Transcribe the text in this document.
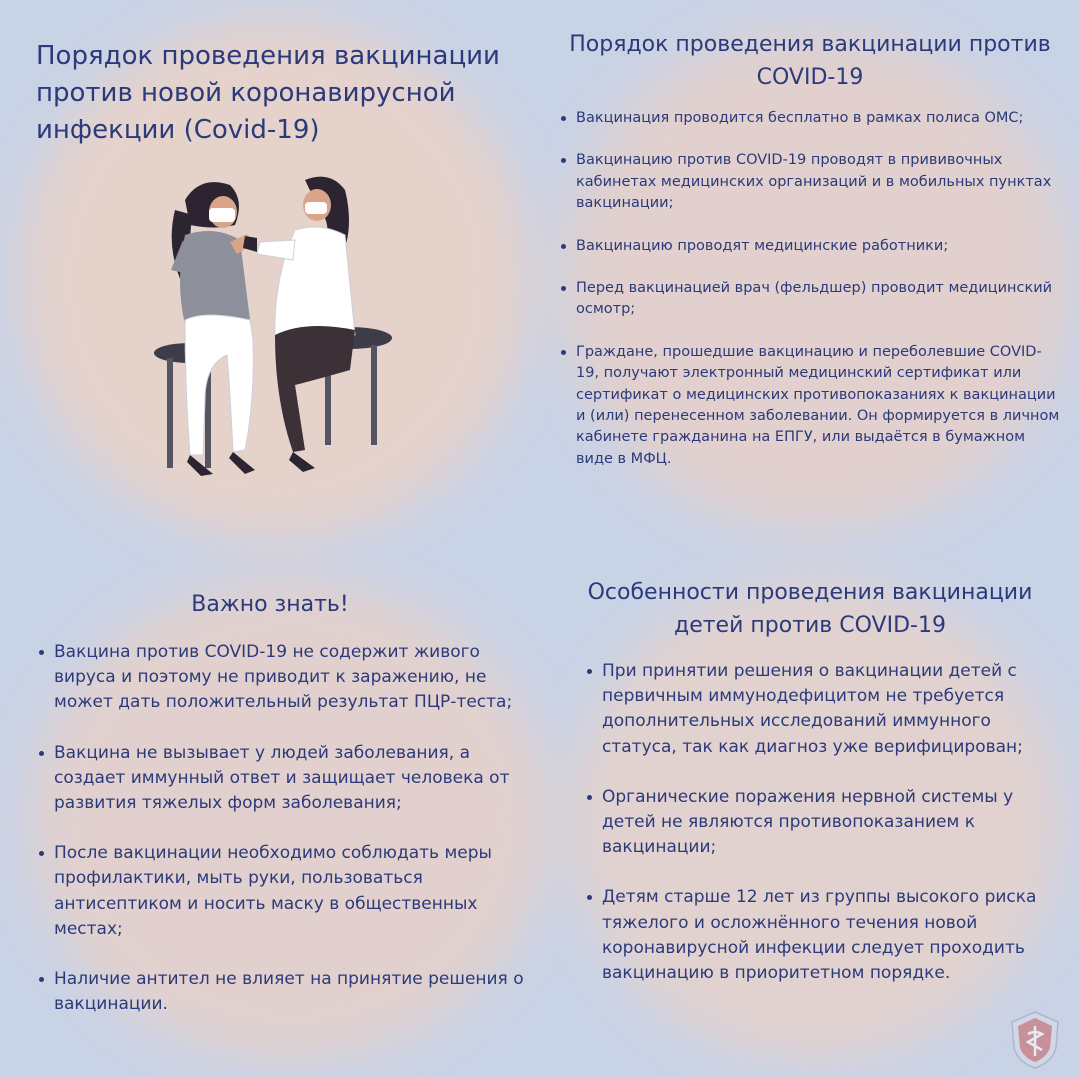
Порядок проведения вакцинации против новой коронавирусной инфекции (Covid-19)
Порядок проведения вакцинации против COVID-19
Вакцинация проводится бесплатно в рамках полиса ОМС;
Вакцинацию против COVID-19 проводят в прививочных кабинетах медицинских организаций и в мобильных пунктах вакцинации;
Вакцинацию проводят медицинские работники;
Перед вакцинацией врач (фельдшер) проводит медицинский осмотр;
Граждане, прошедшие вакцинацию и переболевшие COVID- 19, получают электронный медицинский сертификат или сертификат о медицинских противопоказаниях к вакцинации и (или) перенесенном заболевании. Он формируется в личном кабинете гражданина на ЕПГУ, или выдаётся в бумажном виде в МФЦ.
Важно знать!
Вакцина против COVID-19 не содержит живого вируса и поэтому не приводит к заражению, не может дать положительный результат ПЦР-теста;
Вакцина не вызывает у людей заболевания, а создает иммунный ответ и защищает человека от развития тяжелых форм заболевания;
После вакцинации необходимо соблюдать меры профилактики, мыть руки, пользоваться антисептиком и носить маску в общественных местах;
Наличие антител не влияет на принятие решения о вакцинации.
Особенности проведения вакцинации детей против COVID-19
При принятии решения о вакцинации детей с первичным иммунодефицитом не требуется дополнительных исследований иммунного статуса, так как диагноз уже верифицирован;
Органические поражения нервной системы у детей не являются противопоказанием к вакцинации;
Детям старше 12 лет из группы высокого риска тяжелого и осложнённого течения новой коронавирусной инфекции следует проходить вакцинацию в приоритетном порядке.
